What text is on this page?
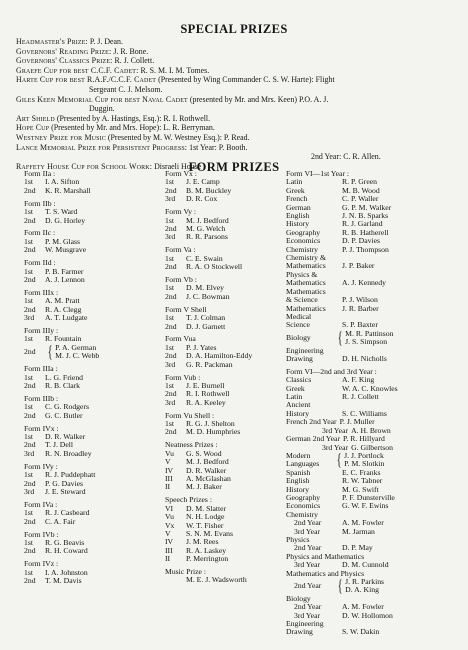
SPECIAL PRIZES
Headmaster's Prize: P. J. Dean.
Governors' Reading Prize: J. R. Bone.
Governors' Classics Prize: R. J. Collett.
Graefe Cup for best C.C.F. Cadet: R. S. M. I. M. Tomes.
Harte Cup for best R.A.F./C.C.F. Cadet (Presented by Wing Commander C. S. W. Harte): Flight
Sergeant C. J. Melsom.
Giles Keen Memorial Cup for best Naval Cadet (presented by Mr. and Mrs. Keen) P.O. A. J.
Duggin.
Art Shield (Presented by A. Hastings, Esq.): R. I. Rothwell.
Hope Cup (Presented by Mr. and Mrs. Hope): L. R. Berryman.
Westney Prize for Music (Presented by M. W. Westney Esq.): P. Read.
Lance Memorial Prize for Persistent Progress: 1st Year: P. Booth.
2nd Year: C. R. Allen.
Raffety House Cup for School Work: Disraeli House
FORM PRIZES
Form IIa :
1st	I. A. Sifton
2nd	K. R. Marshall
Form IIb :
1st	T. S. Ward
2nd	D. G. Horley
Form IIc :
1st	P. M. Glass
2nd	W. Musgrave
Form IId :
1st	P. B. Farmer
2nd	A. J. Lennon
Form IIIx :
1st	A. M. Pratt
2nd	R. A. Clegg
3rd	A. T. Ludgate
Form IIIy :
1st	R. Fountain
2nd { P. A. German
M. J. C. Webb
Form IIIa :
1st	L. G. Friend
2nd	R. B. Clark
Form IIIb :
1st	C. G. Rodgers
2nd	G. C. Butler
Form IVx :
1st	D. R. Walker
2nd	T. J. Dell
3rd	R. N. Broadley
Form IVy :
1st	R. J. Puddephatt
2nd	P. G. Davies
3rd	J. E. Steward
Form IVa :
1st	R. J. Casbeard
2nd	C. A. Fair
Form IVb :
1st	R. G. Beavis
2nd	R. H. Coward
Form IVz :
1st	I. A. Johnston
2nd	T. M. Davis
Form Vx :
1st	J. E. Camp
2nd	B. M. Buckley
3rd	D. R. Cox
Form Vy :
1st	M. J. Bedford
2nd	M. G. Welch
3rd	R. R. Parsons
Form Va :
1st	C. E. Swain
2nd	R. A. O Stockwell
Form Vb :
1st	D. M. Elvey
2nd	J. C. Bowman
Form V Shell
1st	T. J. Colman
2nd	D. J. Garnett
Form Vua
1st	P. J. Yates
2nd	D. A. Hamilton-Eddy
3rd	G. R. Packman
Form Vub :
1st	J. E. Burnell
2nd	R. I. Rothwell
3rd	R. A. Keeley
Form Vu Shell :
1st	R. G. J. Shelton
2nd	M. D. Humphries
Neatness Prizes :
Vu	G. S. Wood
V	M. J. Bedford
IV	D. R. Walker
III	A. McGlashan
II	M. J. Baker
Speech Prizes :
VI	D. M. Slatter
Vu	N. H. Lodge
Vx	W. T. Fisher
V	S. N. M. Evans
IV	J. M. Rees
III	R. A. Laskey
II	P. Merrington
Music Prize :
M. E. J. Wadsworth
Form VI—1st Year :
Latin	R. P. Green
Greek	M. B. Wood
French	C. P. Waller
German	G. P. M. Walker
English	J. N. B. Sparks
History	R. J. Garland
Geography	R. B. Hatherell
Economics	D. P. Davies
Chemistry	P. J. Thompson
Chemistry &
Mathematics	J. P. Baker
Physics &
Mathematics	A. J. Kennedy
Mathematics
& Science	P. J. Wilson
Mathematics	J. R. Barber
Medical
Science	S. P. Baxter
Biology	{ M. R. Pattinson
J. S. Simpson
Engineering
Drawing	D. H. Nicholls
Form VI—2nd and 3rd Year :
Classics	A. F. King
Greek	W. A. C. Knowles
Latin	R. J. Collett
Ancient
History	S. C. Williams
French 2nd Year P. J. Muller
3rd Year A. H. Brown
German 2nd Year P. R. Hillyard
3rd Year G. Gilbertson
Modern
Languages	{ J. J. Portlock
P. M. Slotkin
Spanish	E. C. Franks
English	R. W. Tabner
History	M. G. Swift
Geography	P. F. Dunsterville
Economics	G. W. F. Ewins
Chemistry
2nd Year	A. M. Fowler
3rd Year	M. Jarman
Physics
2nd Year	D. P. May
Physics and Mathematics
3rd Year	D. M. Cunnold
Mathematics and Physics
2nd Year { J. R. Parkins
D. A. King
Biology
2nd Year	A. M. Fowler
3rd Year	D. W. Hollomon
Engineering
Drawing	S. W. Dakin
